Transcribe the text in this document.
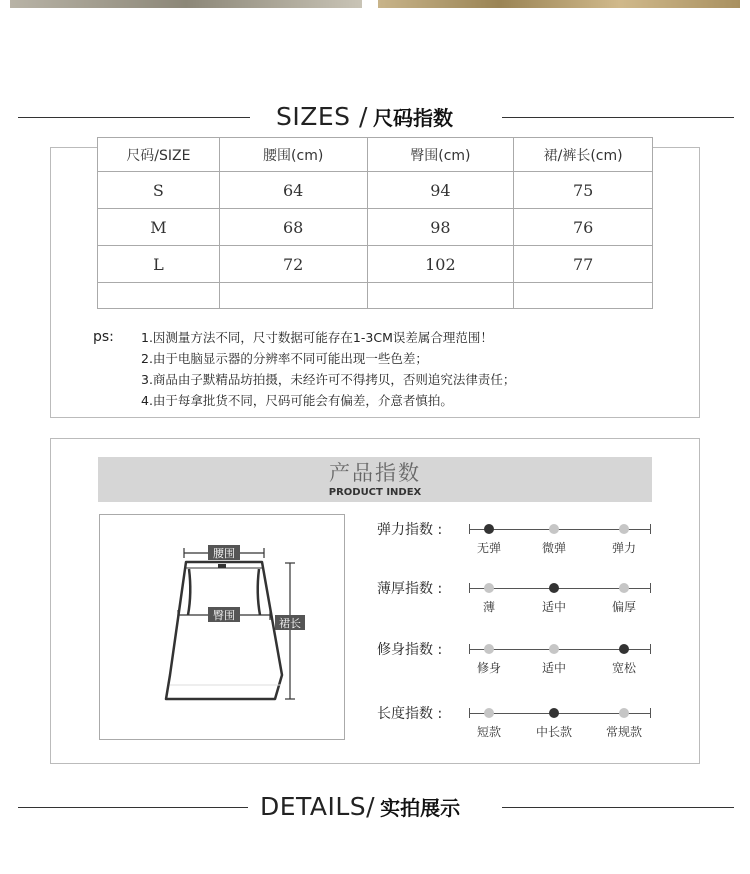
SIZES / 尺码指数
尺码/SIZE	腰围(cm)	臀围(cm)	裙/裤长(cm)
S	64	94	75
M	68	98	76
L	72	102	77

ps: 1.因测量方法不同，尺寸数据可能存在1-3CM误差属合理范围！
2.由于电脑显示器的分辨率不同可能出现一些色差；
3.商品由子默精品坊拍摄，未经许可不得拷贝，否则追究法律责任；
4.由于每拿批货不同，尺码可能会有偏差，介意者慎拍。
产品指数
PRODUCT INDEX
腰围
臀围
裙长
弹力指数 :
无弹	微弹	弹力
薄厚指数 :
薄	适中	偏厚
修身指数 :
修身	适中	宽松
长度指数 :
短款	中长款	常规款
DETAILS/ 实拍展示
